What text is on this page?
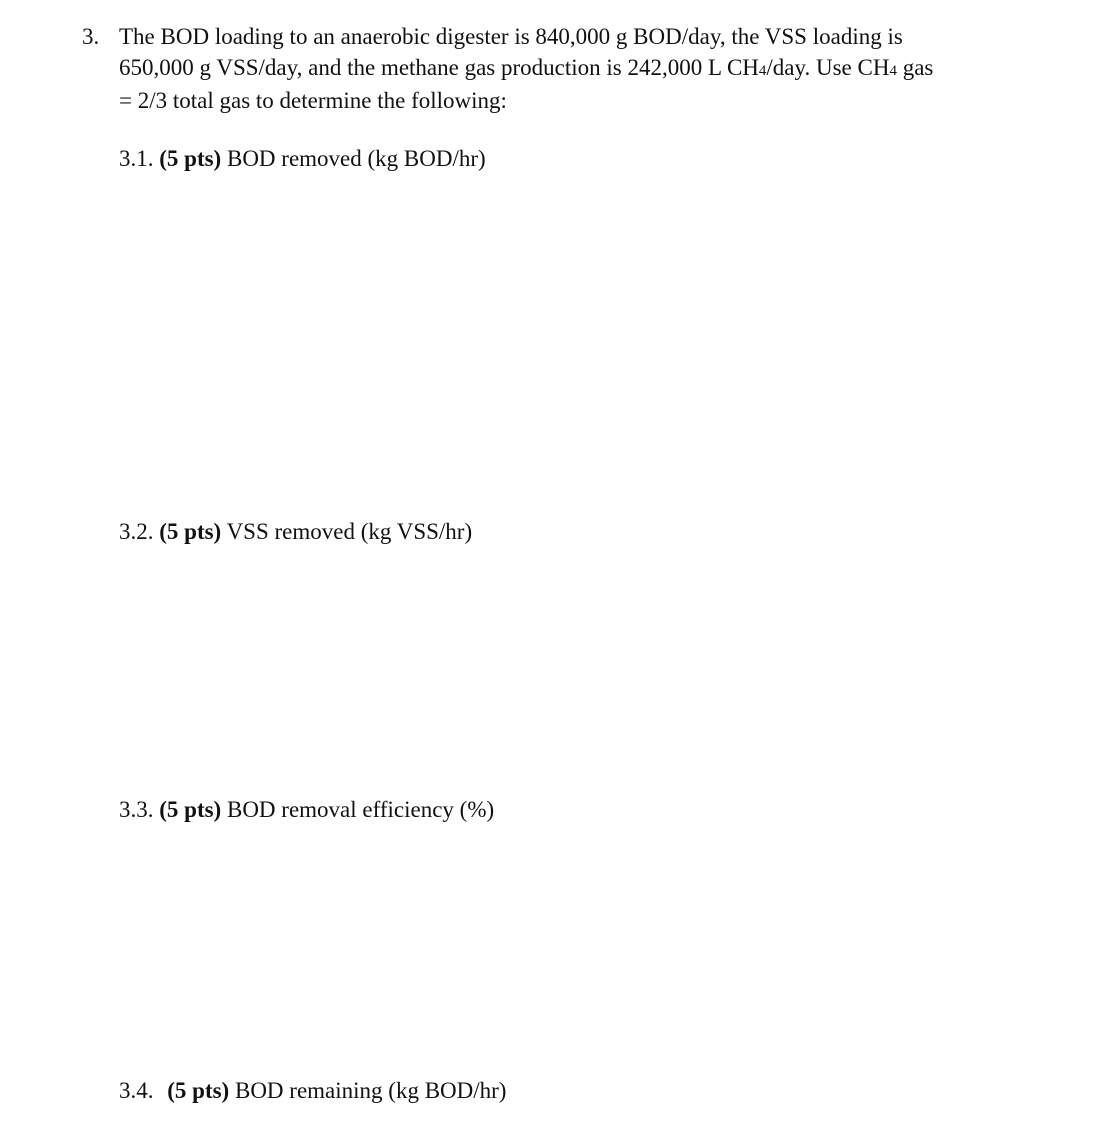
3. The BOD loading to an anaerobic digester is 840,000 g BOD/day, the VSS loading is
650,000 g VSS/day, and the methane gas production is 242,000 L CH4/day. Use CH4 gas
= 2/3 total gas to determine the following:
3.1. (5 pts) BOD removed (kg BOD/hr)
3.2. (5 pts) VSS removed (kg VSS/hr)
3.3. (5 pts) BOD removal efficiency (%)
3.4. (5 pts) BOD remaining (kg BOD/hr)
